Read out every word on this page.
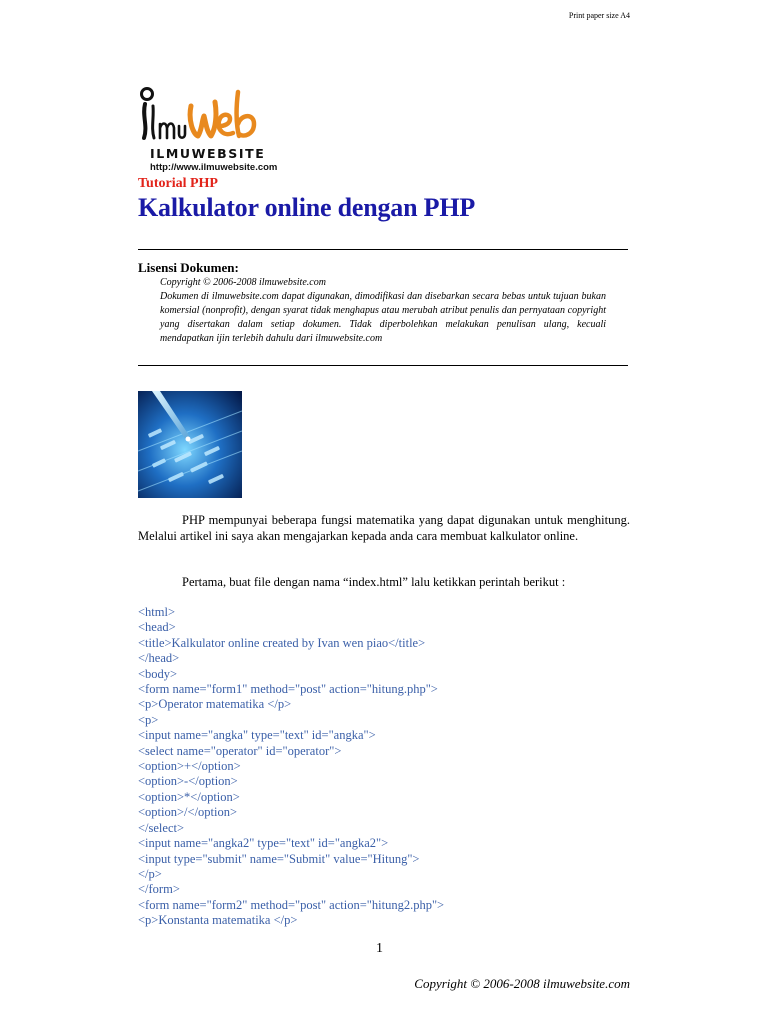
Print paper size A4
ILMUWEBSITE
http://www.ilmuwebsite.com
Tutorial PHP
Kalkulator online dengan PHP
Lisensi Dokumen:
Copyright © 2006-2008 ilmuwebsite.com
Dokumen di ilmuwebsite.com dapat digunakan, dimodifikasi dan disebarkan secara bebas untuk tujuan bukan komersial (nonprofit), dengan syarat tidak menghapus atau merubah atribut penulis dan pernyataan copyright yang disertakan dalam setiap dokumen. Tidak diperbolehkan melakukan penulisan ulang, kecuali mendapatkan ijin terlebih dahulu dari ilmuwebsite.com
PHP mempunyai beberapa fungsi matematika yang dapat digunakan untuk menghitung. Melalui artikel ini saya akan mengajarkan kepada anda cara membuat kalkulator online.
Pertama, buat file dengan nama “index.html” lalu ketikkan perintah berikut :
<html>
<head>
<title>Kalkulator online created by Ivan wen piao</title>
</head>
<body>
<form name="form1" method="post" action="hitung.php">
<p>Operator matematika </p>
<p>
<input name="angka" type="text" id="angka">
<select name="operator" id="operator">
<option>+</option>
<option>-</option>
<option>*</option>
<option>/</option>
</select>
<input name="angka2" type="text" id="angka2">
<input type="submit" name="Submit" value="Hitung">
</p>
</form>
<form name="form2" method="post" action="hitung2.php">
<p>Konstanta matematika </p>
1
Copyright © 2006-2008 ilmuwebsite.com
